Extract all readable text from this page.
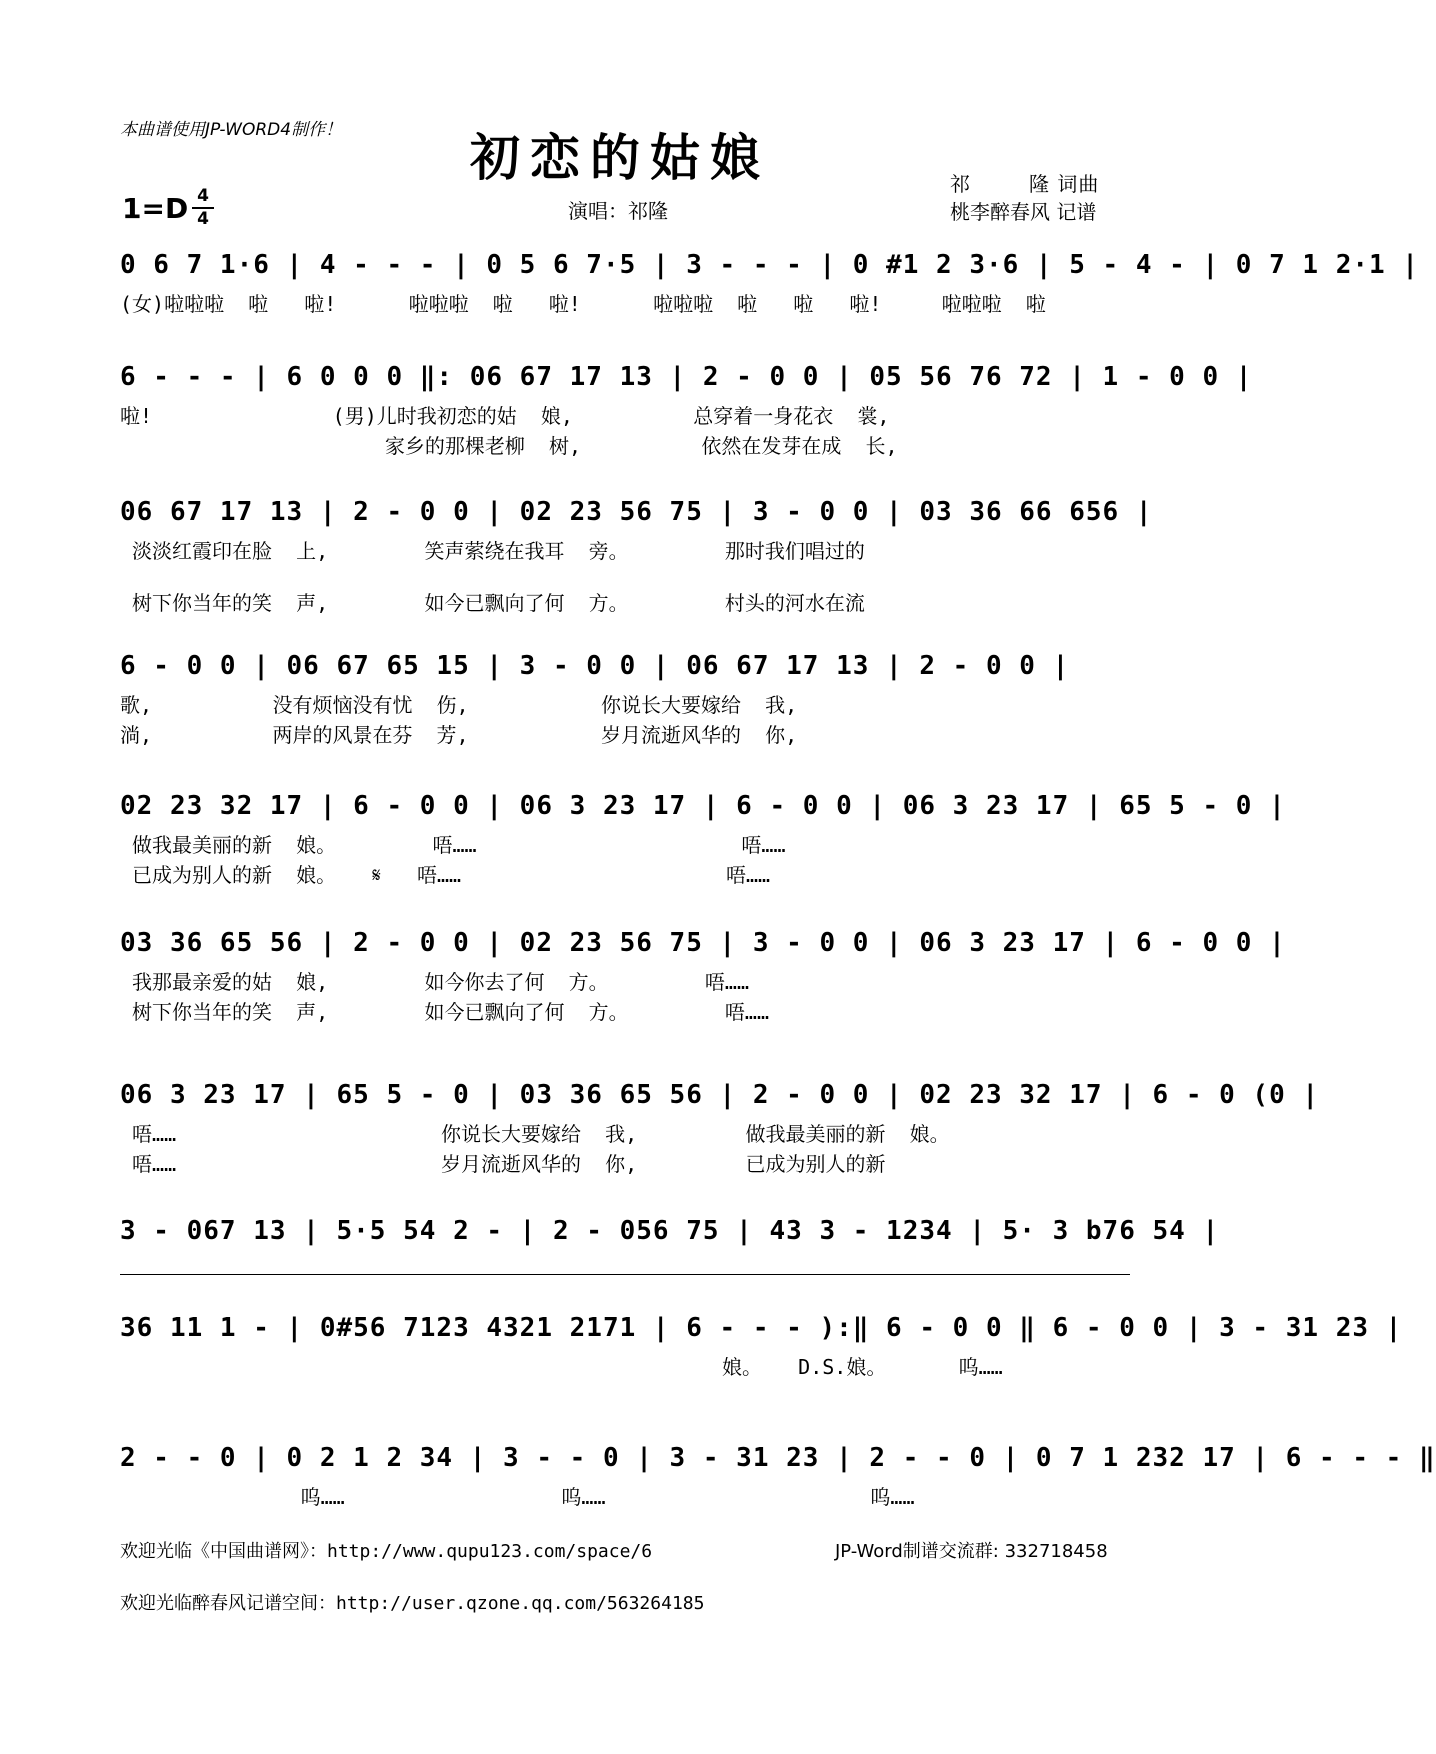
本曲谱使用JP-WORD4制作！	初恋的姑娘
1=D 4
4	演唱：祁隆
祁	隆 词曲
桃李醉春风 记谱
0 6 7 1·6 | 4 - - - | 0 5 6 7·5 | 3 - - - | 0 #1 2 3·6 | 5 - 4 - | 0 7 1 2·1 |
(女)啦啦啦  啦   啦!      啦啦啦  啦   啦!      啦啦啦  啦   啦   啦!     啦啦啦  啦
6 - - - | 6 0 0 0 ‖: 06 67 17 13 | 2 - 0 0 | 05 56 76 72 | 1 - 0 0 |
啦!               (男)儿时我初恋的姑  娘,          总穿着一身花衣  裳,
家乡的那棵老柳  树,          依然在发芽在成  长,
06 67 17 13 | 2 - 0 0 | 02 23 56 75 | 3 - 0 0 | 03 36 66 656 |
淡淡红霞印在脸  上,        笑声萦绕在我耳  旁。        那时我们唱过的
树下你当年的笑  声,        如今已飘向了何  方。        村头的河水在流
6 - 0 0 | 06 67 65 15 | 3 - 0 0 | 06 67 17 13 | 2 - 0 0 |
歌,          没有烦恼没有忧  伤,           你说长大要嫁给  我,
淌,          两岸的风景在芬  芳,           岁月流逝风华的  你,
02 23 32 17 | 6 - 0 0 | 06 3 23 17 | 6 - 0 0 | 06 3 23 17 | 65 5 - 0 |
做我最美丽的新  娘。        唔……                      唔……
已成为别人的新  娘。   𝄋   唔……                      唔……
03 36 65 56 | 2 - 0 0 | 02 23 56 75 | 3 - 0 0 | 06 3 23 17 | 6 - 0 0 |
我那最亲爱的姑  娘,        如今你去了何  方。        唔……
树下你当年的笑  声,        如今已飘向了何  方。        唔……
06 3 23 17 | 65 5 - 0 | 03 36 65 56 | 2 - 0 0 | 02 23 32 17 | 6 - 0 (0 |
唔……                      你说长大要嫁给  我,         做我最美丽的新  娘。
唔……                      岁月流逝风华的  你,         已成为别人的新
3 - 067 13 | 5·5 54 2 - | 2 - 056 75 | 43 3 - 1234 | 5· 3 b76 54 |
36 11 1 - | 0#56 7123 4321 2171 | 6 - - - ):‖ 6 - 0 0 ‖ 6 - 0 0 | 3 - 31 23 |
娘。   D.S.娘。      呜……
2 - - 0 | 0 2 1 2 34 | 3 - - 0 | 3 - 31 23 | 2 - - 0 | 0 7 1 232 17 | 6 - - - ‖
呜……                  呜……                      呜……
欢迎光临《中国曲谱网》：http://www.qupu123.com/space/6	JP-Word制谱交流群: 332718458
欢迎光临醉春风记谱空间：http://user.qzone.qq.com/563264185
